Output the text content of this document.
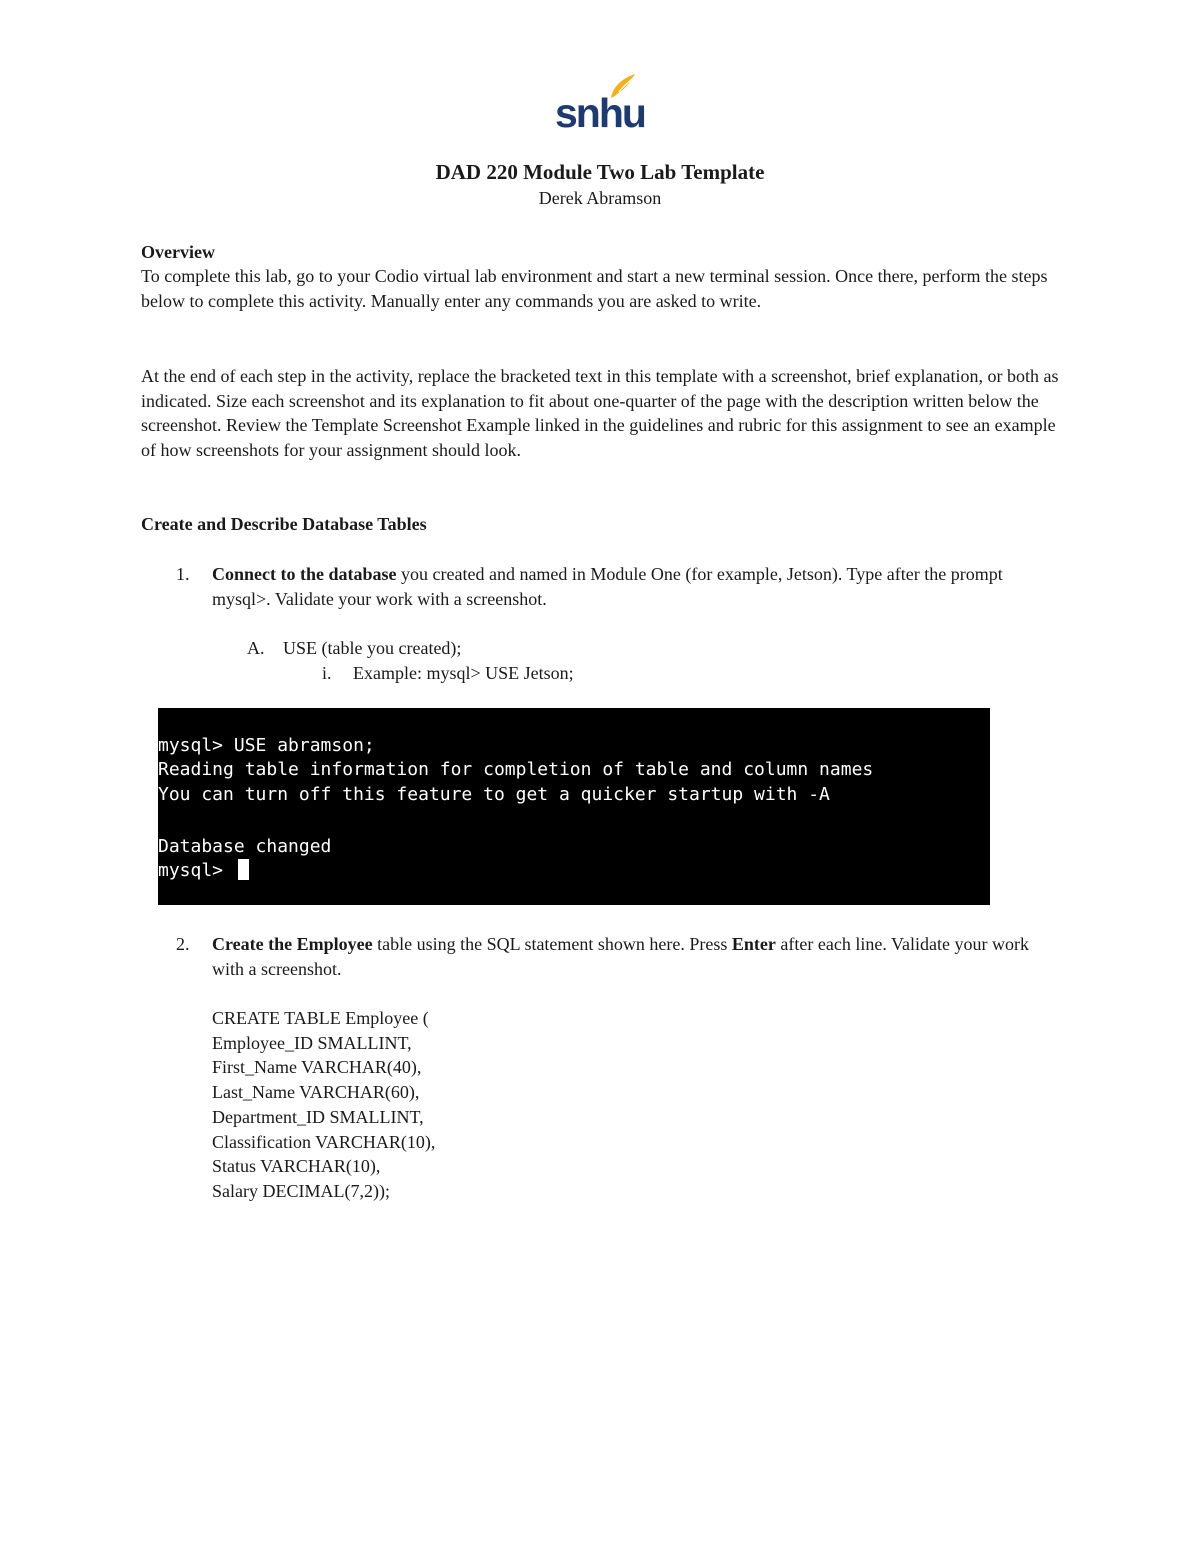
snhu
DAD 220 Module Two Lab Template
Derek Abramson
Overview
To complete this lab, go to your Codio virtual lab environment and start a new terminal session. Once there, perform the steps below to complete this activity. Manually enter any commands you are asked to write.
At the end of each step in the activity, replace the bracketed text in this template with a screenshot, brief explanation, or both as indicated. Size each screenshot and its explanation to fit about one-quarter of the page with the description written below the screenshot. Review the Template Screenshot Example linked in the guidelines and rubric for this assignment to see an example of how screenshots for your assignment should look.
Create and Describe Database Tables
1. Connect to the database you created and named in Module One (for example, Jetson). Type after the prompt mysql>. Validate your work with a screenshot.
A. USE (table you created);
i. Example: mysql> USE Jetson;
mysql> USE abramson;
Reading table information for completion of table and column names
You can turn off this feature to get a quicker startup with -A
Database changed
mysql>
2. Create the Employee table using the SQL statement shown here. Press Enter after each line. Validate your work with a screenshot.
CREATE TABLE Employee (
Employee_ID SMALLINT,
First_Name VARCHAR(40),
Last_Name VARCHAR(60),
Department_ID SMALLINT,
Classification VARCHAR(10),
Status VARCHAR(10),
Salary DECIMAL(7,2));
